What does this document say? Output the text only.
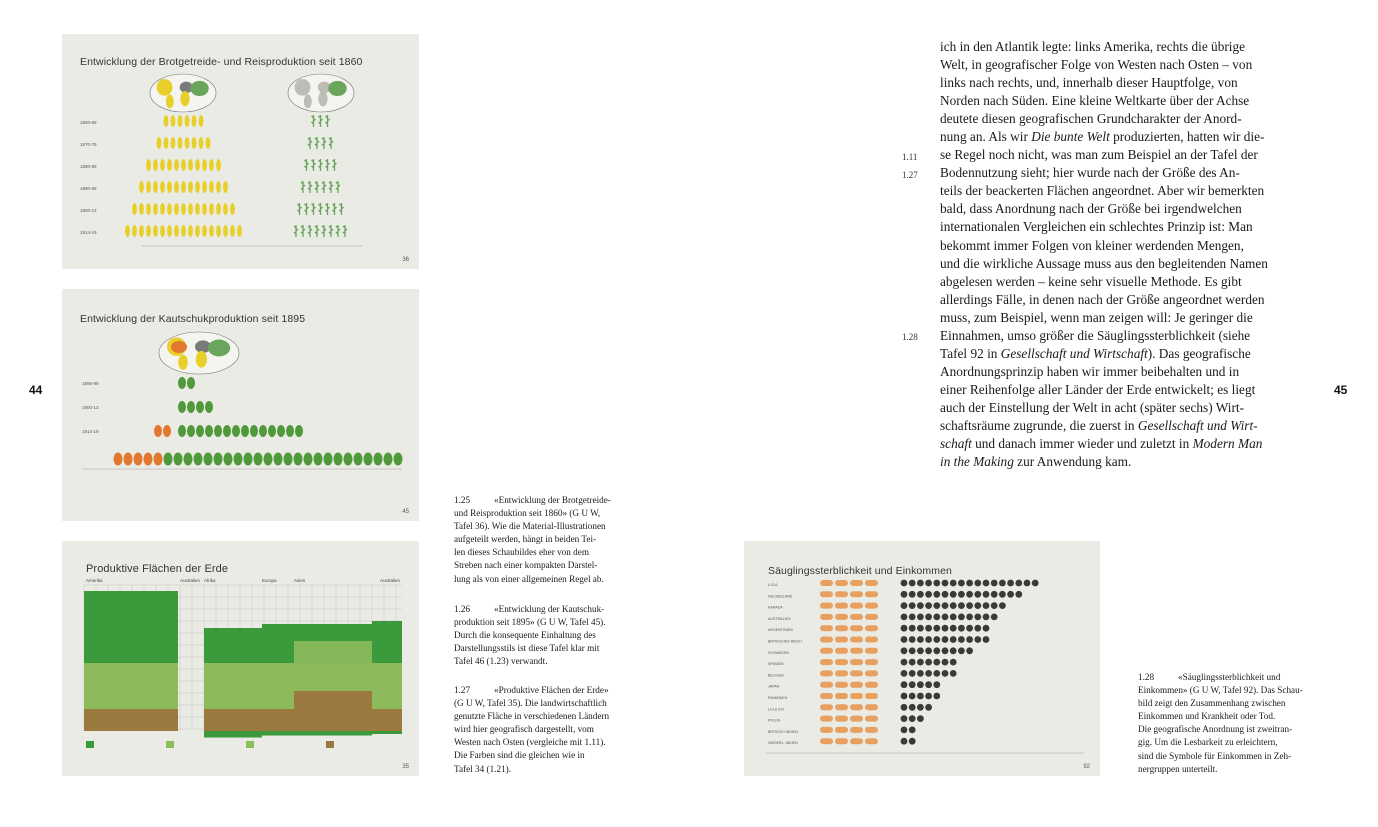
44	45
1860-69
1870-79
1880-89
1890-99
1900-13
1914-19
Entwicklung der Brotgetreide- und Reisproduktion seit 1860
36
1895-99
1900-13
1914-19
Entwicklung der Kautschukproduktion seit 1895
45
Amerika	Australien Afrika	Europa	Asien	Australien
Produktive Flächen der Erde
35
U.S.A.
NEUSEELAND
KANADA
AUSTRALIEN
ARGENTINIEN
BRITISCHES REICH
SCHWEDEN
SPANIEN
BELGIEN
JAPAN
RUMÄNIEN
U.d.S.S.R.
POLEN
BRITISCH INDIEN
NIEDERL. INDIEN
Säuglingssterblichkeit und Einkommen
92

ich in den Atlantik legte: links Amerika, rechts die übrige

Welt, in geografischer Folge von Westen nach Osten – von

links nach rechts, und, innerhalb dieser Hauptfolge, von

Norden nach Süden. Eine kleine Weltkarte über der Achse

deutete diesen geografischen Grundcharakter der Anord-

nung an. Als wir Die bunte Welt produzierten, hatten wir die-

se Regel noch nicht, was man zum Beispiel an der Tafel der

Bodennutzung sieht; hier wurde nach der Größe des An-

teils der beackerten Flächen angeordnet. Aber wir bemerkten

bald, dass Anordnung nach der Größe bei irgendwelchen

internationalen Vergleichen ein schlechtes Prinzip ist: Man

bekommt immer Folgen von kleiner werdenden Mengen,

und die wirkliche Aussage muss aus den begleitenden Namen

abgelesen werden – keine sehr visuelle Methode. Es gibt

allerdings Fälle, in denen nach der Größe angeordnet werden

muss, zum Beispiel, wenn man zeigen will: Je geringer die

Einnahmen, umso größer die Säuglingssterblichkeit (siehe

Tafel 92 in Gesellschaft und Wirtschaft). Das geografische

Anordnungsprinzip haben wir immer beibehalten und in

einer Reihenfolge aller Länder der Erde entwickelt; es liegt

auch der Einstellung der Welt in acht (später sechs) Wirt-

schaftsräume zugrunde, die zuerst in Gesellschaft und Wirt-

schaft und danach immer wieder und zuletzt in Modern Man

in the Making zur Anwendung kam.

1.11
1.27
1.28
1.25	«Entwicklung der Brotgetreide-
und Reisproduktion seit 1860» (G U W,
Tafel 36). Wie die Material-Illustrationen
aufgeteilt werden, hängt in beiden Tei-
len dieses Schaubildes eher von dem
Streben nach einer kompakten Darstel-
lung als von einer allgemeinen Regel ab.
1.26	«Entwicklung der Kautschuk-
produktion seit 1895» (G U W, Tafel 45).
Durch die konsequente Einhaltung des
Darstellungsstils ist diese Tafel klar mit
Tafel 46 (1.23) verwandt.
1.27	«Produktive Flächen der Erde»
(G U W, Tafel 35). Die landwirtschaftlich
genutzte Fläche in verschiedenen Ländern
wird hier geografisch dargestellt, vom
Westen nach Osten (vergleiche mit 1.11).
Die Farben sind die gleichen wie in
Tafel 34 (1.21).
1.28	«Säuglingssterblichkeit und
Einkommen» (G U W, Tafel 92). Das Schau-
bild zeigt den Zusammenhang zwischen
Einkommen und Krankheit oder Tod.
Die geografische Anordnung ist zweitran-
gig. Um die Lesbarkeit zu erleichtern,
sind die Symbole für Einkommen in Zeh-
nergruppen unterteilt.
